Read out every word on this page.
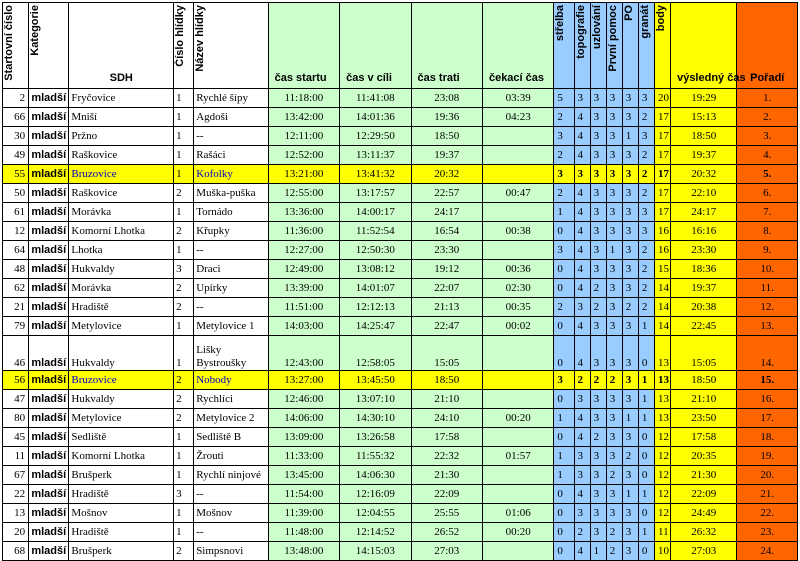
Startovní číslo	Kategorie	SDH	Číslo hlídky	Název hlídky	čas startu	čas v cíli	čas trati	čekací čas	střelba	topografie	uzlování	První pomoc	PO	granát	body	výsledný čas	Pořadí
2	mladší	Fryčovice	1	Rychlé šípy	11:18:00	11:41:08	23:08	03:39	5	3	3	3	3	3	20	19:29	1.
66	mladší	Mniší	1	Agdoši	13:42:00	14:01:36	19:36	04:23	2	4	3	3	3	2	17	15:13	2.
30	mladší	Pržno	1	--	12:11:00	12:29:50	18:50		3	4	3	3	1	3	17	18:50	3.
49	mladší	Raškovice	1	Rašáci	12:52:00	13:11:37	19:37		2	4	3	3	3	2	17	19:37	4.
55	mladší	Bruzovice	1	Kofolky	13:21:00	13:41:32	20:32		3	3	3	3	3	2	17	20:32	5.
50	mladší	Raškovice	2	Muška-puška	12:55:00	13:17:57	22:57	00:47	2	4	3	3	3	2	17	22:10	6.
61	mladší	Morávka	1	Tornádo	13:36:00	14:00:17	24:17		1	4	3	3	3	3	17	24:17	7.
12	mladší	Komorní Lhotka	2	Křupky	11:36:00	11:52:54	16:54	00:38	0	4	3	3	3	3	16	16:16	8.
64	mladší	Lhotka	1	--	12:27:00	12:50:30	23:30		3	4	3	1	3	2	16	23:30	9.
48	mladší	Hukvaldy	3	Draci	12:49:00	13:08:12	19:12	00:36	0	4	3	3	3	2	15	18:36	10.
62	mladší	Morávka	2	Upírky	13:39:00	14:01:07	22:07	02:30	0	4	2	3	3	2	14	19:37	11.
21	mladší	Hradiště	2	--	11:51:00	12:12:13	21:13	00:35	2	3	2	3	2	2	14	20:38	12.
79	mladší	Metylovice	1	Metylovice 1	14:03:00	14:25:47	22:47	00:02	0	4	3	3	3	1	14	22:45	13.
46	mladší	Hukvaldy	1	Lišky Bystroušky	12:43:00	12:58:05	15:05		0	4	3	3	3	0	13	15:05	14.
56	mladší	Bruzovice	2	Nobody	13:27:00	13:45:50	18:50		3	2	2	2	3	1	13	18:50	15.
47	mladší	Hukvaldy	2	Rychlíci	12:46:00	13:07:10	21:10		0	3	3	3	3	1	13	21:10	16.
80	mladší	Metylovice	2	Metylovice 2	14:06:00	14:30:10	24:10	00:20	1	4	3	3	1	1	13	23:50	17.
45	mladší	Sedliště	1	Sedliště B	13:09:00	13:26:58	17:58		0	4	2	3	3	0	12	17:58	18.
11	mladší	Komorní Lhotka	1	Žrouti	11:33:00	11:55:32	22:32	01:57	1	3	3	3	2	0	12	20:35	19.
67	mladší	Brušperk	1	Rychlí ninjové	13:45:00	14:06:30	21:30		1	3	3	2	3	0	12	21:30	20.
22	mladší	Hradiště	3	--	11:54:00	12:16:09	22:09		0	4	3	3	1	1	12	22:09	21.
13	mladší	Mošnov	1	Mošnov	11:39:00	12:04:55	25:55	01:06	0	3	3	3	3	0	12	24:49	22.
20	mladší	Hradiště	1	--	11:48:00	12:14:52	26:52	00:20	0	2	3	2	3	1	11	26:32	23.
68	mladší	Brušperk	2	Simpsnovi	13:48:00	14:15:03	27:03		0	4	1	2	3	0	10	27:03	24.
